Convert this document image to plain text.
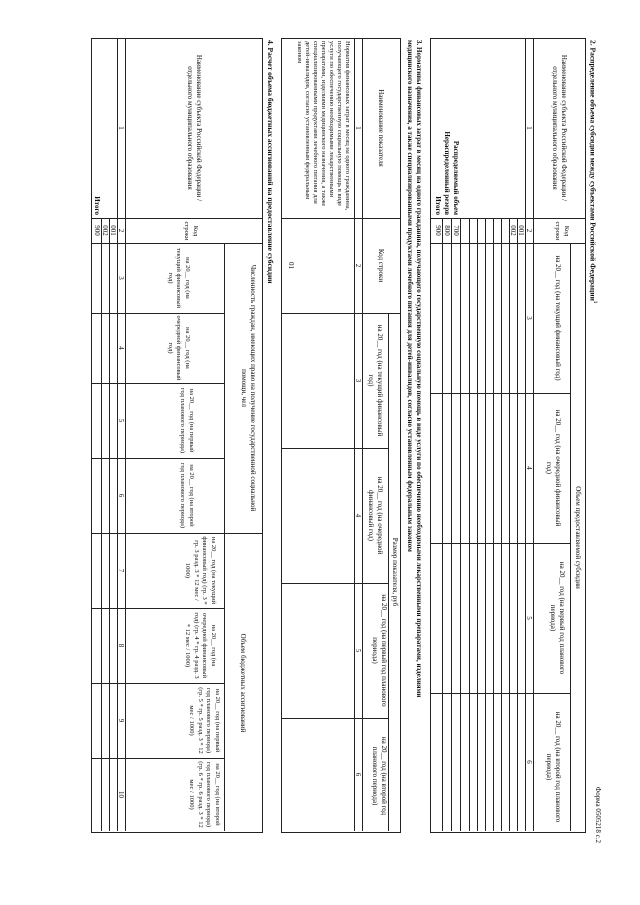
Форма 0505218 с.2
2. Распределение объема субсидии между субъектами Российской Федерации$^1$
Наименование субъекта Российской Федерации / отдельного муниципального образования
Код строки
Объем предоставляемой субсидии
на 20__ год (на текущий финансовый год)
на 20__ год (на очередной финансовый год)
на 20__ год (на первый год планового периода)
на 20__ год (на второй год планового периода)
1
2
3
4
5
6
001
002
700
800
900
Распределяемый объем
Нераспределенный резерв
Итого
3. Нормативы финансовых затрат в месяц на одного гражданина, получающего государственную социальную помощь в виде услуги по обеспечению необходимыми лекарственными препаратами, изделиями
медицинского назначения, а также специализированными продуктами лечебного питания для детей-инвалидов, согласно установленным федеральным законом
Наименование показателя
Код строки
Размер показателя, руб
на 20__ год (на текущий финансовый год)
на 20__ год (на очередной финансовый год)
на 20__ год (на первый год планового периода)
на 20__ год (на второй год планового периода)
1
2
3
4
5
6
Норматив финансовых затрат в месяц на одного гражданина, получающего государственную социальную помощь в виде услуги по обеспечению необходимыми лекарственными препаратами, изделиями медицинского назначения, а также специализированными продуктами лечебного питания для детей-инвалидов, согласно установленным федеральным законом
01
4. Расчет объема бюджетных ассигнований на предоставление субсидии
Наименование субъекта Российской Федерации / отдельного муниципального образования
Код строки
Численность граждан, имеющих право на получение государственной социальной помощи, чел
Объем бюджетных ассигнований
на 20__ год (на текущий финансовый год)
на 20__ год (на очередной финансовый год)
на 20__ год (на первый год планового периода)
на 20__ год (на второй год планового периода)
на 20__ год (на текущий финансовый год) (гр. 3 * гр. 3 разд. 3 * 12 мес / 1000)
на 20__ год (на очередной финансовый год) (гр. 4 * гр. 4 разд. 3 * 12 мес / 1000)
на 20__ год (на первый год планового периода) (гр. 5 * гр. 5 разд. 3 * 12 мес / 1000)
на 20__ год (на второй год планового периода) (гр. 6 * гр. 6 разд. 3 * 12 мес / 1000)
1
2
3
4
5
6
7
8
9
10
001
002
900
Итого
